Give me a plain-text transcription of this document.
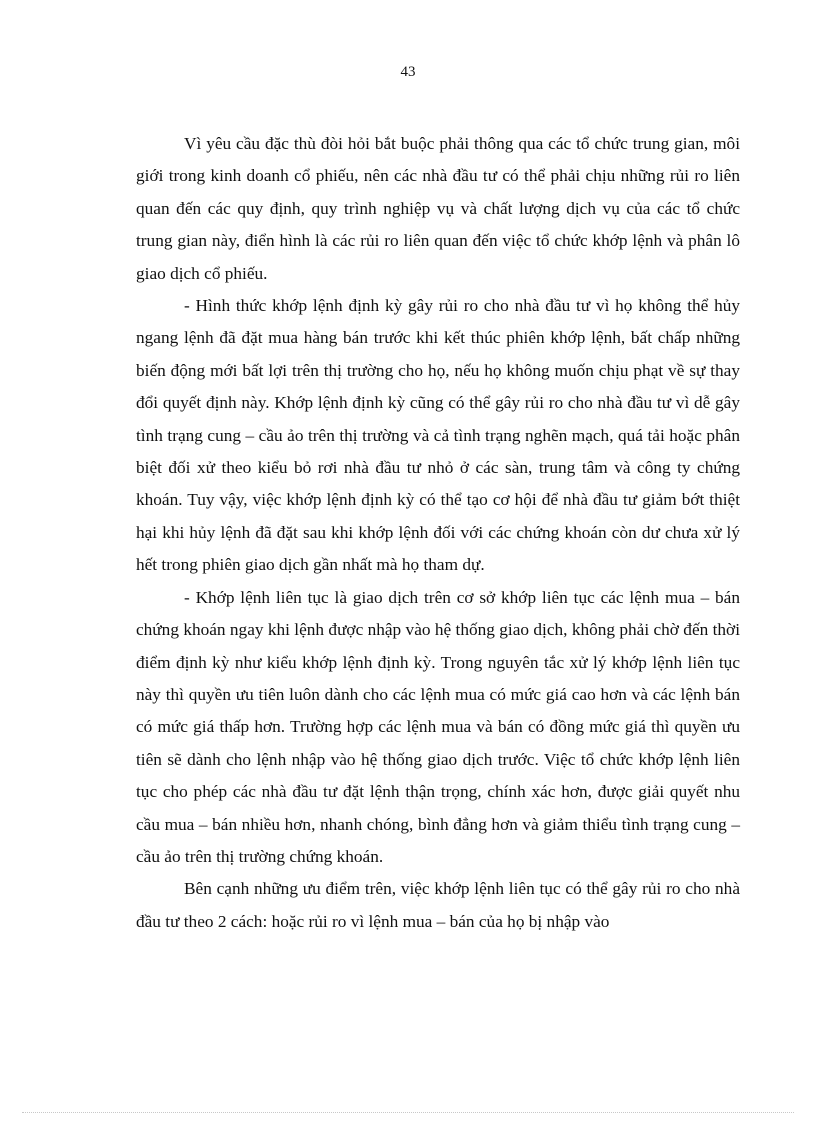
43

Vì yêu cầu đặc thù đòi hỏi bắt buộc phải thông qua các tổ chức trung gian, môi giới trong kinh doanh cổ phiếu, nên các nhà đầu tư có thể phải chịu những rủi ro liên quan đến các quy định, quy trình nghiệp vụ và chất lượng dịch vụ của các tổ chức trung gian này, điển hình là các rủi ro liên quan đến việc tổ chức khớp lệnh và phân lô giao dịch cổ phiếu.

- Hình thức khớp lệnh định kỳ gây rủi ro cho nhà đầu tư vì họ không thể hủy ngang lệnh đã đặt mua hàng bán trước khi kết thúc phiên khớp lệnh, bất chấp những biến động mới bất lợi trên thị trường cho họ, nếu họ không muốn chịu phạt về sự thay đổi quyết định này. Khớp lệnh định kỳ cũng có thể gây rủi ro cho nhà đầu tư vì dễ gây tình trạng cung – cầu ảo trên thị trường và cả tình trạng nghẽn mạch, quá tải hoặc phân biệt đối xử theo kiểu bỏ rơi nhà đầu tư nhỏ ở các sàn, trung tâm và công ty chứng khoán. Tuy vậy, việc khớp lệnh định kỳ có thể tạo cơ hội để nhà đầu tư giảm bớt thiệt hại khi hủy lệnh đã đặt sau khi khớp lệnh đối với các chứng khoán còn dư chưa xử lý hết trong phiên giao dịch gần nhất mà họ tham dự.

- Khớp lệnh liên tục là giao dịch trên cơ sở khớp liên tục các lệnh mua – bán chứng khoán ngay khi lệnh được nhập vào hệ thống giao dịch, không phải chờ đến thời điểm định kỳ như kiểu khớp lệnh định kỳ. Trong nguyên tắc xử lý khớp lệnh liên tục này thì quyền ưu tiên luôn dành cho các lệnh mua có mức giá cao hơn và các lệnh bán có mức giá thấp hơn. Trường hợp các lệnh mua và bán có đồng mức giá thì quyền ưu tiên sẽ dành cho lệnh nhập vào hệ thống giao dịch trước. Việc tổ chức khớp lệnh liên tục cho phép các nhà đầu tư đặt lệnh thận trọng, chính xác hơn, được giải quyết nhu cầu mua – bán nhiều hơn, nhanh chóng, bình đẳng hơn và giảm thiểu tình trạng cung – cầu ảo trên thị trường chứng khoán.

Bên cạnh những ưu điểm trên, việc khớp lệnh liên tục có thể gây rủi ro cho nhà đầu tư theo 2 cách: hoặc rủi ro vì lệnh mua – bán của họ bị nhập vào
